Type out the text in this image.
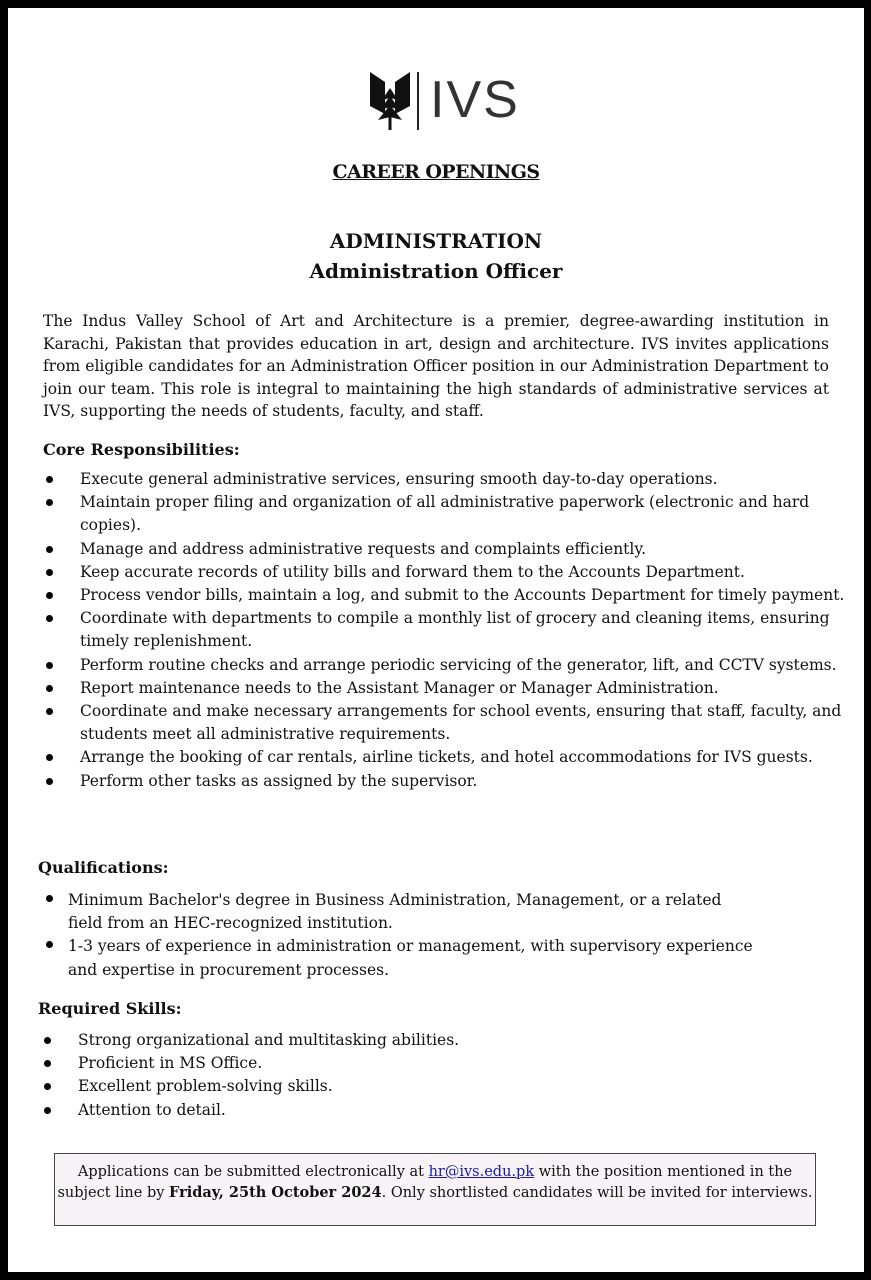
IVS
CAREER OPENINGS
ADMINISTRATION
Administration Officer

The Indus Valley School of Art and Architecture is a premier, degree-awarding institution in Karachi, Pakistan that provides education in art, design and architecture. IVS invites applications from eligible candidates for an Administration Officer position in our Administration Department to join our team. This role is integral to maintaining the high standards of administrative services at IVS, supporting the needs of students, faculty, and staff.

Core Responsibilities:
Execute general administrative services, ensuring smooth day-to-day operations.
Maintain proper filing and organization of all administrative paperwork (electronic and hard copies).
Manage and address administrative requests and complaints efficiently.
Keep accurate records of utility bills and forward them to the Accounts Department.
Process vendor bills, maintain a log, and submit to the Accounts Department for timely payment.
Coordinate with departments to compile a monthly list of grocery and cleaning items, ensuring timely replenishment.
Perform routine checks and arrange periodic servicing of the generator, lift, and CCTV systems.
Report maintenance needs to the Assistant Manager or Manager Administration.
Coordinate and make necessary arrangements for school events, ensuring that staff, faculty, and students meet all administrative requirements.
Arrange the booking of car rentals, airline tickets, and hotel accommodations for IVS guests.
Perform other tasks as assigned by the supervisor.
Qualifications:
Minimum Bachelor's degree in Business Administration, Management, or a related field from an HEC-recognized institution.
1-3 years of experience in administration or management, with supervisory experience and expertise in procurement processes.
Required Skills:
Strong organizational and multitasking abilities.
Proficient in MS Office.
Excellent problem-solving skills.
Attention to detail.
Applications can be submitted electronically at hr@ivs.edu.pk with the position mentioned in the subject line by Friday, 25th October 2024. Only shortlisted candidates will be invited for interviews.
